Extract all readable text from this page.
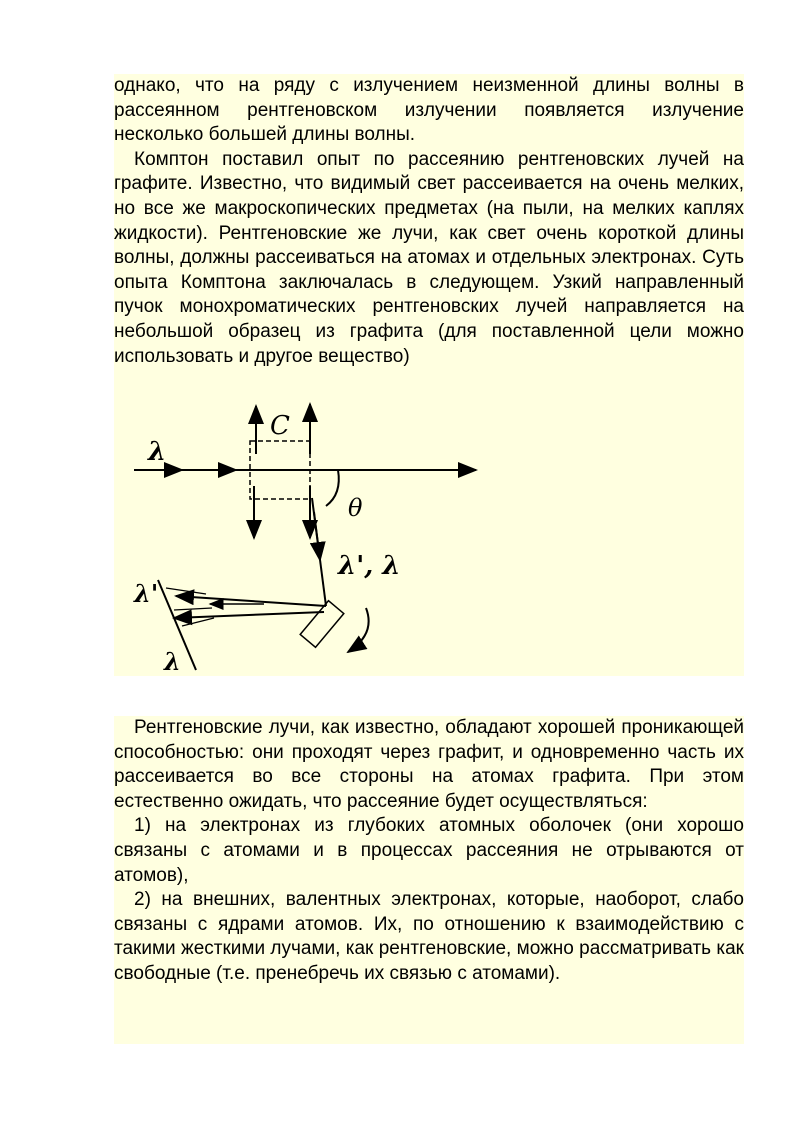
однако, что на ряду с излучением неизменной длины волны в рассеянном рентгеновском излучении появляется излучение несколько большей длины волны.

Комптон поставил опыт по рассеянию рентгеновских лучей на графите. Известно, что видимый свет рассеивается на очень мелких, но все же макроскопических предметах (на пыли, на мелких каплях жидкости). Рентгеновские же лучи, как свет очень короткой длины волны, должны рассеиваться на атомах и отдельных электронах. Суть опыта Комптона заключалась в следующем. Узкий направленный пучок монохроматических рентгеновских лучей направляется на небольшой образец из графита (для поставленной цели можно использовать и другое вещество)

λ
C
θ
λ', λ
λ'
λ

Рентгеновские лучи, как известно, обладают хорошей проникающей способностью: они проходят через графит, и одновременно часть их рассеивается во все стороны на атомах графита. При этом естественно ожидать, что рассеяние будет осуществляться:

1) на электронах из глубоких атомных оболочек (они хорошо связаны с атомами и в процессах рассеяния не отрываются от атомов),

2) на внешних, валентных электронах, которые, наоборот, слабо связаны с ядрами атомов. Их, по отношению к взаимодействию с такими жесткими лучами, как рентгеновские, можно рассматривать как свободные (т.е. пренебречь их связью с атомами).
